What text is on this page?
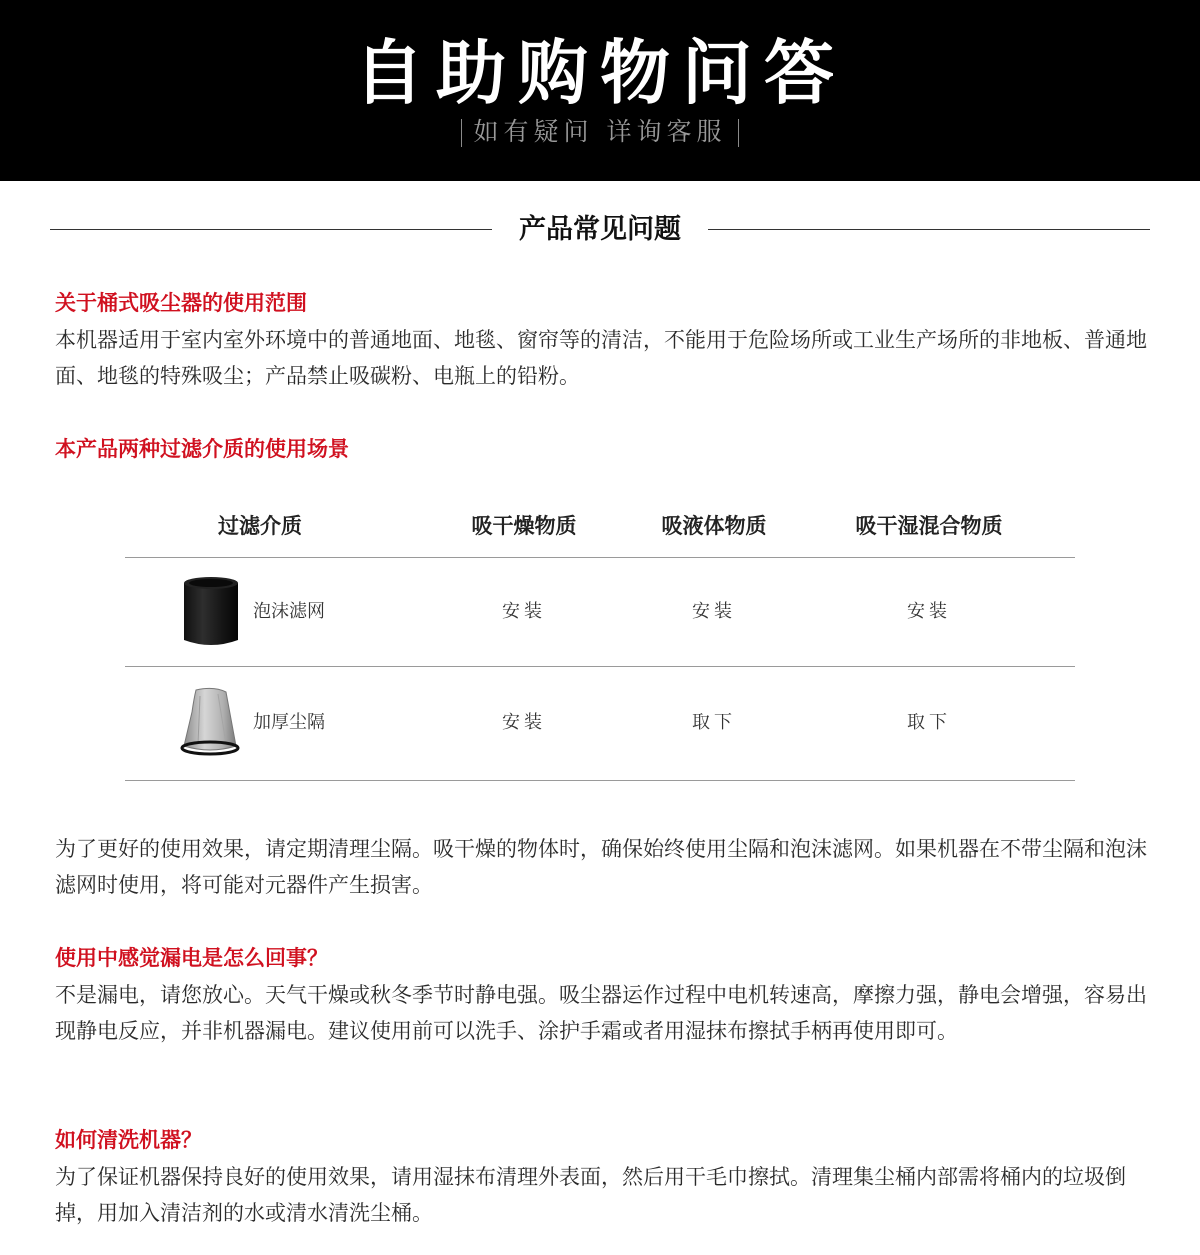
自助购物问答
如有疑问 详询客服
产品常见问题
关于桶式吸尘器的使用范围
本机器适用于室内室外环境中的普通地面、地毯、窗帘等的清洁，不能用于危险场所或工业生产场所的非地板、普通地面、地毯的特殊吸尘；产品禁止吸碳粉、电瓶上的铅粉。
本产品两种过滤介质的使用场景
过滤介质	吸干燥物质	吸液体物质	吸干湿混合物质
泡沫滤网	安装	安装	安装
加厚尘隔	安装	取下	取下
为了更好的使用效果，请定期清理尘隔。吸干燥的物体时，确保始终使用尘隔和泡沫滤网。如果机器在不带尘隔和泡沫滤网时使用，将可能对元器件产生损害。
使用中感觉漏电是怎么回事？
不是漏电，请您放心。天气干燥或秋冬季节时静电强。吸尘器运作过程中电机转速高，摩擦力强，静电会增强，容易出现静电反应，并非机器漏电。建议使用前可以洗手、涂护手霜或者用湿抹布擦拭手柄再使用即可。
如何清洗机器？
为了保证机器保持良好的使用效果，请用湿抹布清理外表面，然后用干毛巾擦拭。清理集尘桶内部需将桶内的垃圾倒掉，用加入清洁剂的水或清水清洗尘桶。
